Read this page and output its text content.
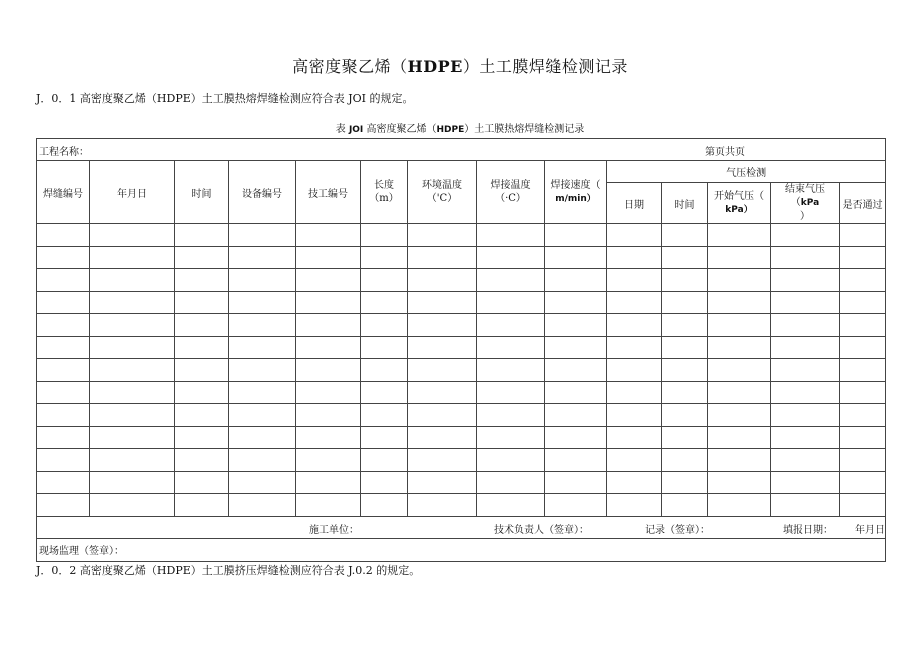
高密度聚乙烯（HDPE）土工膜焊缝检测记录
J．0．1 高密度聚乙烯（HDPE）土工膜热熔焊缝检测应符合表 JOI 的规定。
表 JOI 高密度聚乙烯（HDPE）土工膜热熔焊缝检测记录
工程名称： 第页共页													

焊缝编号	年月日	时间	设备编号	技工编号	长度（m）	环境温度（'C）	焊接温度（·C）	焊接速度（
m/min）	气压检测				
									日期	时间	开始气压（
kPa）	结束气压（kPa
）	是否通过

施工单位： 技术负责人（签章）： 记录（签章）： 填报日期： 年月日													

现场监理（签章）：													
J．0．2 高密度聚乙烯（HDPE）土工膜挤压焊缝检测应符合表 J.0.2 的规定。
